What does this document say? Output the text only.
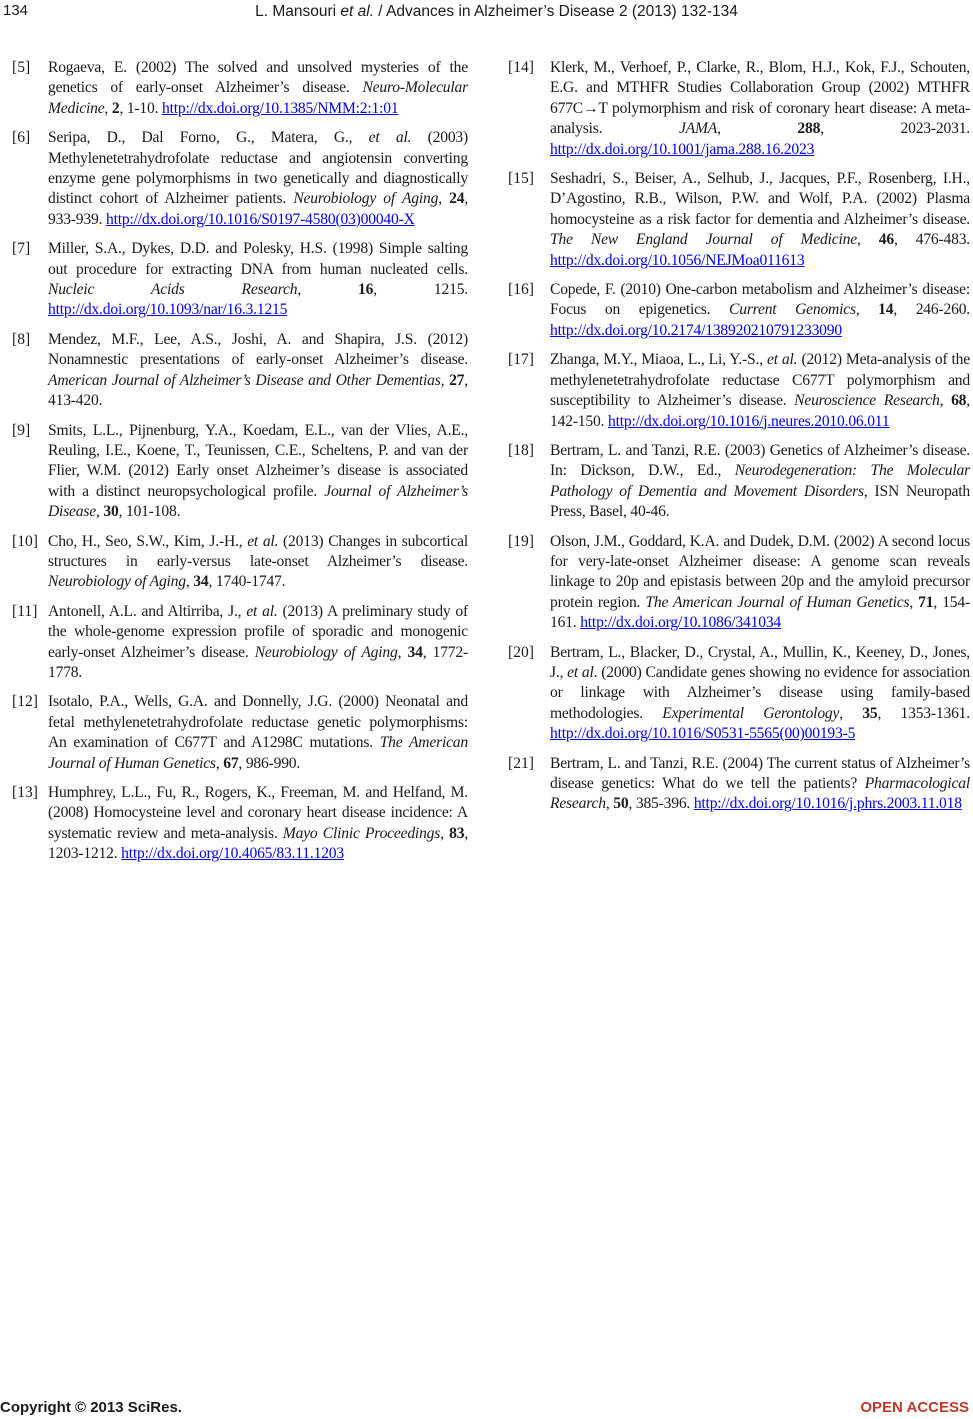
134	L. Mansouri et al. / Advances in Alzheimer’s Disease 2 (2013) 132-134
[5]	Rogaeva, E. (2002) The solved and unsolved mysteries of the genetics of early-onset Alzheimer’s disease. Neuro-Molecular Medicine, 2, 1-10. http://dx.doi.org/10.1385/NMM:2:1:01
[6]	Seripa, D., Dal Forno, G., Matera, G., et al. (2003) Methylenetetrahydrofolate reductase and angiotensin converting enzyme gene polymorphisms in two genetically and diagnostically distinct cohort of Alzheimer patients. Neurobiology of Aging, 24, 933-939. http://dx.doi.org/10.1016/S0197-4580(03)00040-X
[7]	Miller, S.A., Dykes, D.D. and Polesky, H.S. (1998) Simple salting out procedure for extracting DNA from human nucleated cells. Nucleic Acids Research, 16, 1215. http://dx.doi.org/10.1093/nar/16.3.1215
[8]	Mendez, M.F., Lee, A.S., Joshi, A. and Shapira, J.S. (2012) Nonamnestic presentations of early-onset Alzheimer’s disease. American Journal of Alzheimer’s Disease and Other Dementias, 27, 413-420.
[9]	Smits, L.L., Pijnenburg, Y.A., Koedam, E.L., van der Vlies, A.E., Reuling, I.E., Koene, T., Teunissen, C.E., Scheltens, P. and van der Flier, W.M. (2012) Early onset Alzheimer’s disease is associated with a distinct neuropsychological profile. Journal of Alzheimer’s Disease, 30, 101-108.
[10] Cho, H., Seo, S.W., Kim, J.-H., et al. (2013) Changes in subcortical structures in early-versus late-onset Alzheimer’s disease. Neurobiology of Aging, 34, 1740-1747.
[11] Antonell, A.L. and Altirriba, J., et al. (2013) A preliminary study of the whole-genome expression profile of sporadic and monogenic early-onset Alzheimer’s disease. Neurobiology of Aging, 34, 1772-1778.
[12] Isotalo, P.A., Wells, G.A. and Donnelly, J.G. (2000) Neonatal and fetal methylenetetrahydrofolate reductase genetic polymorphisms: An examination of C677T and A1298C mutations. The American Journal of Human Genetics, 67, 986-990.
[13] Humphrey, L.L., Fu, R., Rogers, K., Freeman, M. and Helfand, M. (2008) Homocysteine level and coronary heart disease incidence: A systematic review and meta-analysis. Mayo Clinic Proceedings, 83, 1203-1212. http://dx.doi.org/10.4065/83.11.1203
[14]	Klerk, M., Verhoef, P., Clarke, R., Blom, H.J., Kok, F.J., Schouten, E.G. and MTHFR Studies Collaboration Group (2002) MTHFR 677C→T polymorphism and risk of coronary heart disease: A meta-analysis. JAMA, 288, 2023-2031. http://dx.doi.org/10.1001/jama.288.16.2023
[15]	Seshadri, S., Beiser, A., Selhub, J., Jacques, P.F., Rosenberg, I.H., D’Agostino, R.B., Wilson, P.W. and Wolf, P.A. (2002) Plasma homocysteine as a risk factor for dementia and Alzheimer’s disease. The New England Journal of Medicine, 46, 476-483. http://dx.doi.org/10.1056/NEJMoa011613
[16]	Copede, F. (2010) One-carbon metabolism and Alzheimer’s disease: Focus on epigenetics. Current Genomics, 14, 246-260. http://dx.doi.org/10.2174/138920210791233090
[17]	Zhanga, M.Y., Miaoa, L., Li, Y.-S., et al. (2012) Meta-analysis of the methylenetetrahydrofolate reductase C677T polymorphism and susceptibility to Alzheimer’s disease. Neuroscience Research, 68, 142-150. http://dx.doi.org/10.1016/j.neures.2010.06.011
[18]	Bertram, L. and Tanzi, R.E. (2003) Genetics of Alzheimer’s disease. In: Dickson, D.W., Ed., Neurodegeneration: The Molecular Pathology of Dementia and Movement Disorders, ISN Neuropath Press, Basel, 40-46.
[19]	Olson, J.M., Goddard, K.A. and Dudek, D.M. (2002) A second locus for very-late-onset Alzheimer disease: A genome scan reveals linkage to 20p and epistasis between 20p and the amyloid precursor protein region. The American Journal of Human Genetics, 71, 154-161. http://dx.doi.org/10.1086/341034
[20]	Bertram, L., Blacker, D., Crystal, A., Mullin, K., Keeney, D., Jones, J., et al. (2000) Candidate genes showing no evidence for association or linkage with Alzheimer’s disease using family-based methodologies. Experimental Gerontology, 35, 1353-1361. http://dx.doi.org/10.1016/S0531-5565(00)00193-5
[21]	Bertram, L. and Tanzi, R.E. (2004) The current status of Alzheimer’s disease genetics: What do we tell the patients? Pharmacological Research, 50, 385-396. http://dx.doi.org/10.1016/j.phrs.2003.11.018
Copyright © 2013 SciRes.	OPEN ACCESS
